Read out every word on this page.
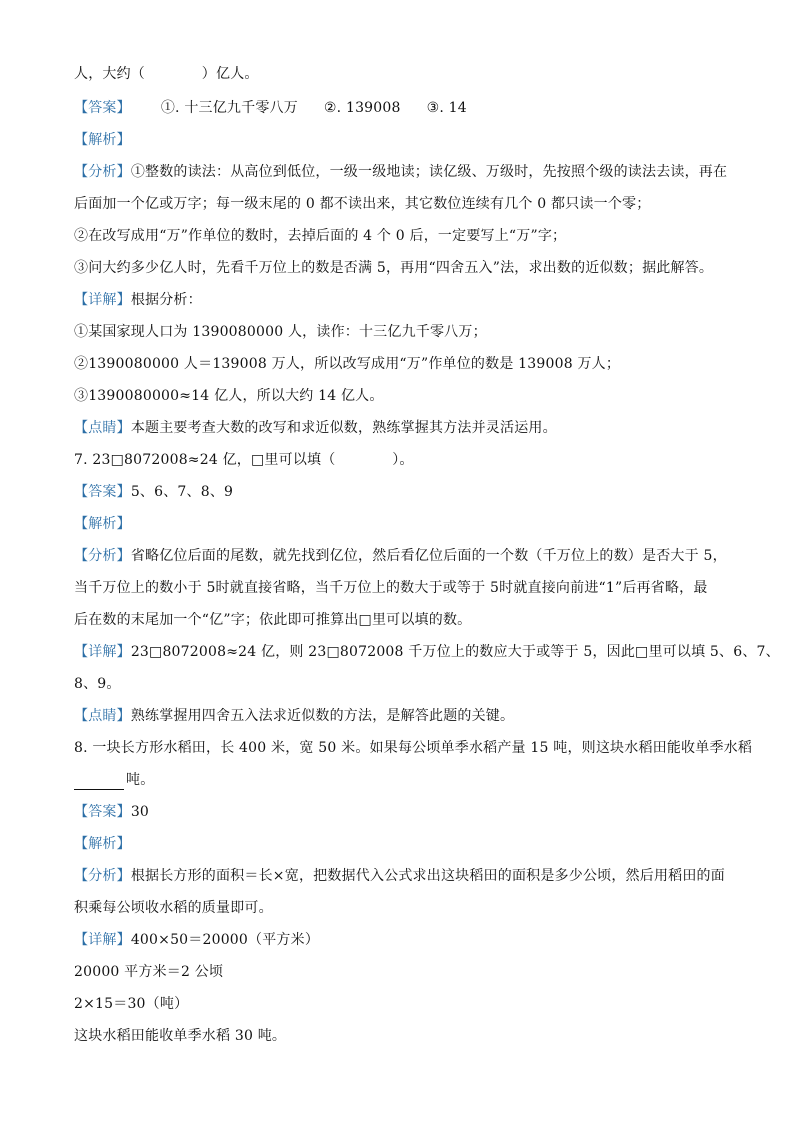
人，大约（　　　　）亿人。
【答案】 ①. 十三亿九千零八万 ②. 139008 ③. 14
【解析】
【分析】①整数的读法：从高位到低位，一级一级地读；读亿级、万级时，先按照个级的读法去读，再在
后面加一个亿或万字；每一级末尾的 0 都不读出来，其它数位连续有几个 0 都只读一个零；
②在改写成用“万”作单位的数时，去掉后面的 4 个 0 后，一定要写上“万”字；
③问大约多少亿人时，先看千万位上的数是否满 5，再用“四舍五入”法，求出数的近似数；据此解答。
【详解】根据分析：
①某国家现人口为 1390080000 人，读作：十三亿九千零八万；
②1390080000 人＝139008 万人，所以改写成用“万”作单位的数是 139008 万人；
③1390080000≈14 亿人，所以大约 14 亿人。
【点睛】本题主要考查大数的改写和求近似数，熟练掌握其方法并灵活运用。
7. 23□8072008≈24 亿，□里可以填（　　　　）。
【答案】5、6、7、8、9
【解析】
【分析】省略亿位后面的尾数，就先找到亿位，然后看亿位后面的一个数（千万位上的数）是否大于 5，
当千万位上的数小于 5时就直接省略，当千万位上的数大于或等于 5时就直接向前进“1”后再省略，最
后在数的末尾加一个“亿”字；依此即可推算出□里可以填的数。
【详解】23□8072008≈24 亿，则 23□8072008 千万位上的数应大于或等于 5，因此□里可以填 5、6、7、
8、9。
【点睛】熟练掌握用四舍五入法求近似数的方法，是解答此题的关键。
8. 一块长方形水稻田，长 400 米，宽 50 米。如果每公顷单季水稻产量 15 吨，则这块水稻田能收单季水稻
吨。
【答案】30
【解析】
【分析】根据长方形的面积＝长×宽，把数据代入公式求出这块稻田的面积是多少公顷，然后用稻田的面
积乘每公顷收水稻的质量即可。
【详解】400×50＝20000（平方米）
20000 平方米＝2 公顷
2×15＝30（吨）
这块水稻田能收单季水稻 30 吨。
